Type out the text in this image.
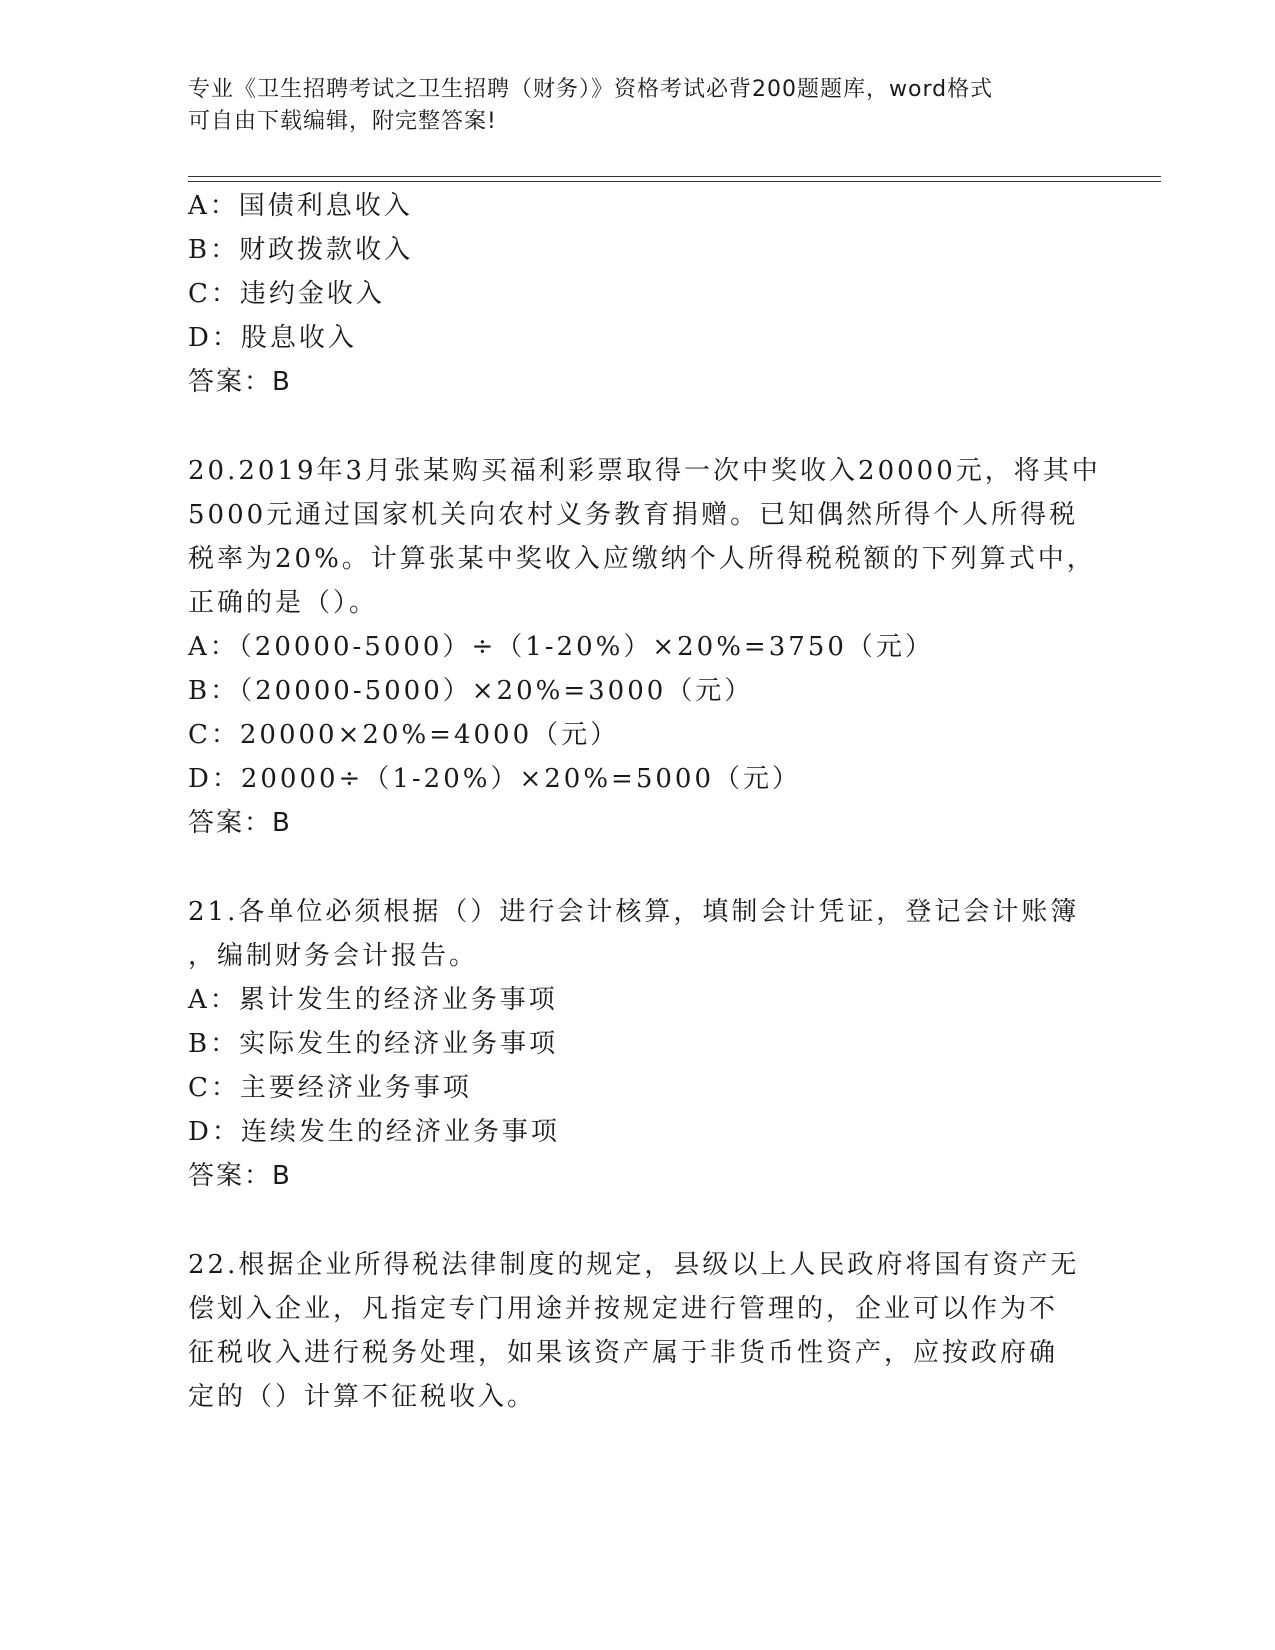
专业《卫生招聘考试之卫生招聘（财务）》资格考试必背200题题库，word格式
可自由下载编辑，附完整答案!
A：国债利息收入
B：财政拨款收入
C：违约金收入
D：股息收入
答案：B
20.2019年3月张某购买福利彩票取得一次中奖收入20000元，将其中
5000元通过国家机关向农村义务教育捐赠。已知偶然所得个人所得税
税率为20%。计算张某中奖收入应缴纳个人所得税税额的下列算式中，
正确的是（）。
A：（20000-5000）÷（1-20%）×20%=3750（元）
B：（20000-5000）×20%=3000（元）
C：20000×20%=4000（元）
D：20000÷（1-20%）×20%=5000（元）
答案：B
21.各单位必须根据（）进行会计核算，填制会计凭证，登记会计账簿
，编制财务会计报告。
A：累计发生的经济业务事项
B：实际发生的经济业务事项
C：主要经济业务事项
D：连续发生的经济业务事项
答案：B
22.根据企业所得税法律制度的规定，县级以上人民政府将国有资产无
偿划入企业，凡指定专门用途并按规定进行管理的，企业可以作为不
征税收入进行税务处理，如果该资产属于非货币性资产，应按政府确
定的（）计算不征税收入。
